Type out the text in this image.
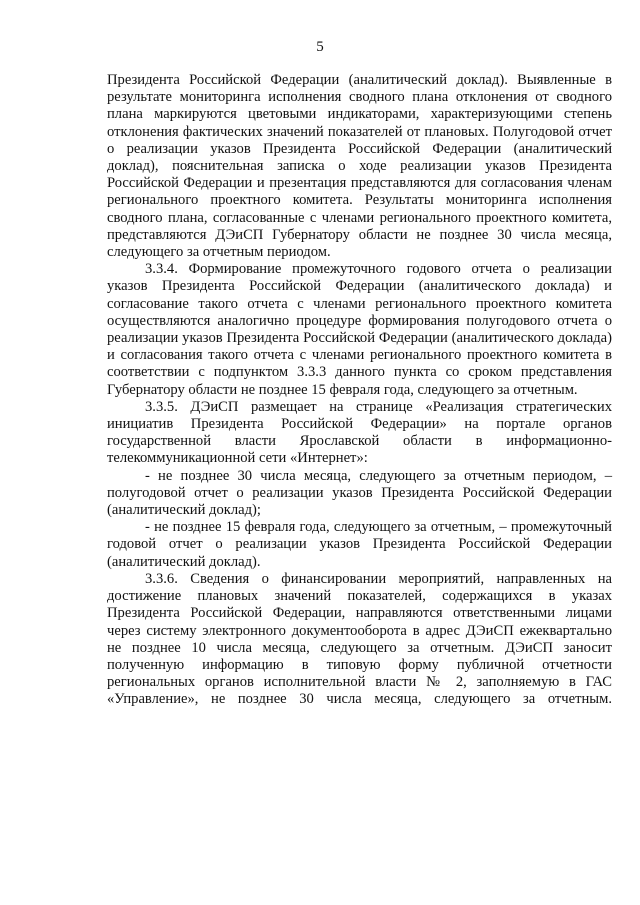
5

Президента Российской Федерации (аналитический доклад). Выявленные в результате мониторинга исполнения сводного плана отклонения от сводного плана маркируются цветовыми индикаторами, характеризующими степень отклонения фактических значений показателей от плановых. Полугодовой отчет о реализации указов Президента Российской Федерации (аналитический доклад), пояснительная записка о ходе реализации указов Президента Российской Федерации и презентация представляются для согласования членам регионального проектного комитета. Результаты мониторинга исполнения сводного плана, согласованные с членами регионального проектного комитета, представляются ДЭиСП Губернатору области не позднее 30 числа месяца, следующего за отчетным периодом.

3.3.4. Формирование промежуточного годового отчета о реализации указов Президента Российской Федерации (аналитического доклада) и согласование такого отчета с членами регионального проектного комитета осуществляются аналогично процедуре формирования полугодового отчета о реализации указов Президента Российской Федерации (аналитического доклада) и согласования такого отчета с членами регионального проектного комитета в соответствии с подпунктом 3.3.3 данного пункта со сроком представления Губернатору области не позднее 15 февраля года, следующего за отчетным.

3.3.5. ДЭиСП размещает на странице «Реализация стратегических инициатив Президента Российской Федерации» на портале органов государственной власти Ярославской области в информационно-телекоммуникационной сети «Интернет»:

- не позднее 30 числа месяца, следующего за отчетным периодом, – полугодовой отчет о реализации указов Президента Российской Федерации (аналитический доклад);

- не позднее 15 февраля года, следующего за отчетным, – промежуточный годовой отчет о реализации указов Президента Российской Федерации (аналитический доклад).

3.3.6. Сведения о финансировании мероприятий, направленных на достижение плановых значений показателей, содержащихся в указах Президента Российской Федерации, направляются ответственными лицами через систему электронного документооборота в адрес ДЭиСП ежеквартально не позднее 10 числа месяца, следующего за отчетным. ДЭиСП заносит полученную информацию в типовую форму публичной отчетности региональных органов исполнительной власти № 2, заполняемую в ГАС «Управление», не позднее 30 числа месяца, следующего за отчетным.
